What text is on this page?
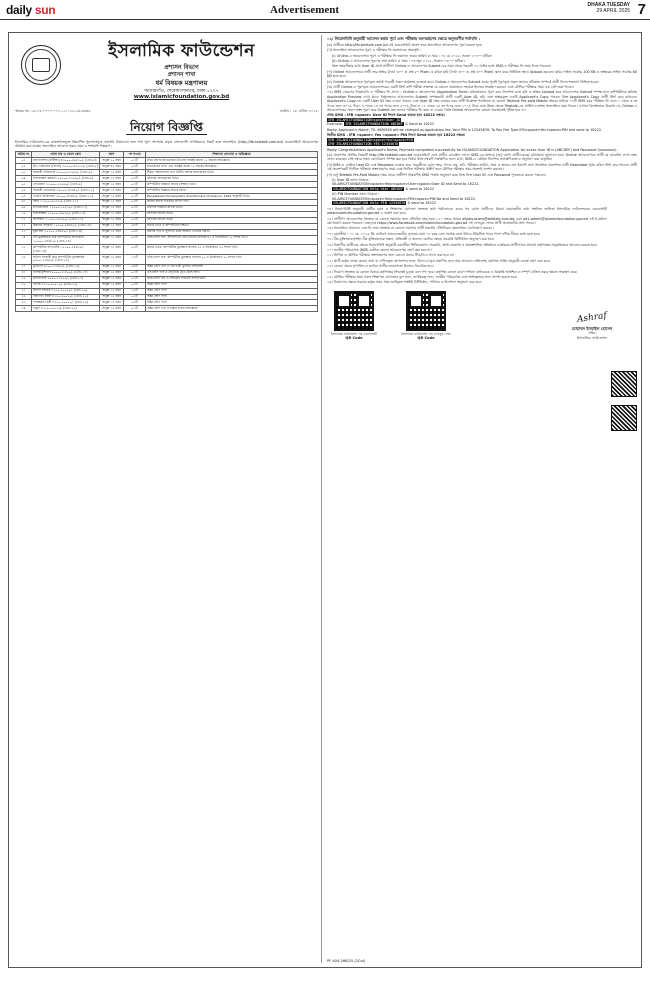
daily sun	Advertisement	DHAKA TUESDAY
29 APRIL 2025 7
ইসলামিক ফাউন্ডেশন
প্রশাসন বিভাগ
প্রশাসন শাখা
ধর্ম বিষয়ক মন্ত্রণালয়
আগারগাঁও, শেরেবাংলানগর, ঢাকা-১২০৭
www.islamicfoundation.gov.bd
স্মারক নং- ১৬.০৫.০০০০.০০১.১১.০২২.২৩-৩৩৩৪	তারিখ : ২৮ এপ্রিল ২০২৫
নিয়োগ বিজ্ঞপ্তি
ইসলামিক ফাউন্ডেশন-এর রাজস্বখাতভুক্ত নিম্নবর্ণিত শূন্যপদসমূহে সরাসরি নিয়োগের জন্য শর্ত পূরণ সাপেক্ষে প্রকৃত বাংলাদেশি নাগরিকদের নিকট হতে অনলাইনে (http://ifb.teletalk.com.bd) ওয়েবসাইটে আবেদনপত্র আহ্বান করা যাচ্ছে। অনলাইনে আবেদন করার সময় ও শর্তাবলি নিম্নরূপ :
ক্রমিক নং	পদের নাম ও বেতন স্কেল	বয়স	পদ সংখ্যা	শিক্ষাগত যোগ্যতা ও অভিজ্ঞতা
০১	মহাপরিদর্শক (নিরীক্ষা) ৪৩০০০-৬৯৮৫০/- (গ্রেড-৪)	অনূর্ধ্ব ৫০ বছর	০১টি	প্রথম শ্রেণির স্নাতকোত্তর ডিগ্রিসহ সংশ্লিষ্ট কাজে ১৫ বছরের অভিজ্ঞতা।
০২	উপ-পরিচালক (বিদেশ) ৩৫৫০০-৬৭০১০/- (গ্রেড-৫)	অনূর্ধ্ব ৪৫ বছর	০১টি	স্নাতকোত্তর ডিগ্রি এবং সংশ্লিষ্ট কাজে ১০ বছরের অভিজ্ঞতা।
০৩	সহকারী পরিচালক ২২০০০-৫৩০৬০/- (গ্রেড-৯)	অনূর্ধ্ব ৩২ বছর	০৫টি	স্বীকৃত বিশ্ববিদ্যালয় হতে দ্বিতীয় শ্রেণির স্নাতকোত্তর ডিগ্রি।
০৪	হিসাবরক্ষণ কর্মকর্তা ২২০০০-৫৩০৬০/- (গ্রেড-৯)	অনূর্ধ্ব ৩২ বছর	০১টি	বাণিজ্যে স্নাতকোত্তর ডিগ্রি।
০৫	প্রোগ্রামার ২২০০০-৫৩০৬০/- (গ্রেড-৯)	অনূর্ধ্ব ৩২ বছর	০১টি	কম্পিউটার বিজ্ঞানে স্নাতক (সম্মান) ডিগ্রি।
০৬	সহকারী প্রোগ্রামার ১৬০০০-৩৮৬৪০/- (গ্রেড-১০)	অনূর্ধ্ব ৩২ বছর	০১টি	কম্পিউটার বিজ্ঞানে স্নাতক ডিগ্রি।
০৭	হোমিও চিকিৎসক ১৬০০০-৩৮৬৪০/- (গ্রেড-১০)	অনূর্ধ্ব ৩২ বছর	০১টি	Bangladesh Homeopathic Practitioners Ordinance, 1983 অনুযায়ী ডিগ্রি।
০৮	ইমাম ১২৫০০-৩০২৩০/- (গ্রেড-১১)	অনূর্ধ্ব ৩২ বছর	০২টি	কামিল অথবা দাওরায়ে হাদিস পাস।
০৯	লাইব্রেরিয়ান ১২৫০০-৩০২৩০/- (গ্রেড-১১)	অনূর্ধ্ব ৩২ বছর	০১টি	গ্রন্থাগার বিজ্ঞানে স্নাতক ডিগ্রি।
১০	হিসাবরক্ষক ১১০০০-২৬৫৯০/- (গ্রেড-১৩)	অনূর্ধ্ব ৩২ বছর	০২টি	বাণিজ্যে স্নাতক ডিগ্রি।
১১	ক্যাশিয়ার ১১০০০-২৬৫৯০/- (গ্রেড-১৩)	অনূর্ধ্ব ৩২ বছর	০১টি	বাণিজ্যে স্নাতক ডিগ্রি।
১২	উচ্চমান সহকারী ১০২০০-২৪৬৮০/- (গ্রেড-১৪)	অনূর্ধ্ব ৩২ বছর	০৮টি	স্নাতক ডিগ্রি ও কম্পিউটারে দক্ষতা।
১৩	মুয়াজ্জিন ১০২০০-২৪৬৮০/- (গ্রেড-১৪)	অনূর্ধ্ব ৩২ বছর	০২টি	আলিম পাস ও সুললিত কণ্ঠে আজান দেওয়ার দক্ষতা।
১৪	সাঁট-মুদ্রাক্ষরিক কাম কম্পিউটার অপারেটর ১০২০০-২৪৬৮০/- (গ্রেড-১৪)	অনূর্ধ্ব ৩২ বছর	০৫টি	এইচএসসি পাস; সাঁটলিপিতে প্রতি মিনিটে বাংলায় ৪৫ ও ইংরেজিতে ৭০ শব্দের গতি।
১৫	কম্পিউটার অপারেটর ১০২০০-২৪৬৮০/- (গ্রেড-১৪)	অনূর্ধ্ব ৩২ বছর	০৩টি	স্নাতক ডিগ্রি; কম্পিউটার মুদ্রাক্ষরে বাংলায় ২৫ ও ইংরেজিতে ৩০ শব্দের গতি।
১৬	অফিস সহকারী কাম কম্পিউটার মুদ্রাক্ষরিক ৯৩০০-২২৪৯০/- (গ্রেড-১৬)	অনূর্ধ্ব ৩২ বছর	১৫টি	এইচএসসি পাস; কম্পিউটার মুদ্রাক্ষরে বাংলায় ২০ ও ইংরেজিতে ২০ শব্দের গতি।
১৭	ড্রাইভার ৯৩০০-২২৪৯০/- (গ্রেড-১৬)	অনূর্ধ্ব ৩২ বছর	০৪টি	অষ্টম শ্রেণি পাস ও বৈধ ভারী ড্রাইভিং লাইসেন্স।
১৮	ইলেকট্রিশিয়ান ৯০০০-২১৮০০/- (গ্রেড-১৭)	অনূর্ধ্ব ৩২ বছর	০১টি	এসএসসি পাস ও বৈদ্যুতিক ট্রেড কোর্স সনদ।
১৯	ক্যাটালগার ৯০০০-২১৮০০/- (গ্রেড-১৭)	অনূর্ধ্ব ৩২ বছর	০১টি	এইচএসসি পাস ও লাইব্রেরি সায়েন্সে সার্টিফিকেট।
২০	খাদেম ৮২৫০-২০০১০/- (গ্রেড-২০)	অনূর্ধ্ব ৩২ বছর	০৫টি	অষ্টম শ্রেণি পাস।
২১	অফিস সহায়ক ৮২৫০-২০০১০/- (গ্রেড-২০)	অনূর্ধ্ব ৩২ বছর	১৫টি	অষ্টম শ্রেণি পাস।
২২	নিরাপত্তা প্রহরী ৮২৫০-২০০১০/- (গ্রেড-২০)	অনূর্ধ্ব ৩২ বছর	০৫টি	অষ্টম শ্রেণি পাস।
২৩	পরিচ্ছন্নতা কর্মী ৮২৫০-২০০১০/- (গ্রেড-২০)	অনূর্ধ্ব ৩২ বছর	০৩টি	অষ্টম শ্রেণি পাস।
২৪	বাবুর্চি ৮২৫০-২০০১০/- (গ্রেড-২০)	অনূর্ধ্ব ৩২ বছর	০১টি	অষ্টম শ্রেণি পাস ও রান্নার কাজে অভিজ্ঞতা।
০২। নিয়োগবিধি অনুযায়ী আবেদন করার পূর্বে এবং পরীক্ষায় অংশগ্রহণের ক্ষেত্রে অনুসরণীয় শর্তাবলি :
(ক) প্রার্থীকে http://ifb.teletalk.com.bd এই ওয়েবসাইটে প্রবেশ করে অনলাইনে আবেদনপত্র পূরণ করতে হবে।
(খ) অনলাইনে আবেদনপত্র পূরণ ও পরীক্ষার ফি জমাদানের সময়সূচি :
(i) Online-এ আবেদনপত্র পূরণ ও পরীক্ষার ফি জমাদান শুরুর তারিখ ও সময় : ০৪ মে ২০২৫, সকাল ১০:০০ ঘটিকা।
(ii) Online-এ আবেদনপত্র পূরণের শেষ তারিখ ও সময় : ০৩ জুন ২০২৫, বিকাল ০৫:০০ ঘটিকা।
উক্ত সময়সীমার মধ্যে User ID প্রাপ্ত প্রার্থীগণ Online-এ আবেদনপত্র Submit-এর সময় থেকে পরবর্তী ৭২ ঘণ্টার মধ্যে SMS-এ পরীক্ষার ফি জমা দিতে পারবেন।
(গ) Online আবেদনপত্রে প্রার্থী তার স্বাক্ষর (দৈর্ঘ্য ৩০০ × প্রস্থ ৮০ Pixel) ও রঙিন ছবি (দৈর্ঘ্য ৩০০ × প্রস্থ ৩০০ Pixel) স্ক্যান করে নির্ধারিত স্থানে Upload করবেন। ছবির সাইজ সর্বোচ্চ 100 KB ও স্বাক্ষরের সাইজ সর্বোচ্চ 60 KB হতে হবে।
(ঘ) Online আবেদনপত্রে পূরণকৃত তথ্যই পরবর্তী সকল কার্যক্রমে ব্যবহৃত হবে। Online-এ আবেদনপত্র Submit করার পূর্বেই পূরণকৃত সকল তথ্যের সঠিকতা সম্পর্কে প্রার্থী নিজে শতভাগ নিশ্চিত হবেন।
(ঙ) প্রার্থী Online-এ পূরণকৃত আবেদনপত্রের একটি প্রিন্ট কপি পরীক্ষা সংক্রান্ত যে কোনো প্রয়োজনে সহায়ক হিসেবে সংরক্ষণ করবেন এবং মৌখিক পরীক্ষার সময় এক সেট জমা দিবেন।
০৩। SMS প্রেরণের নিয়মাবলি ও পরীক্ষার ফি প্রদান : Online-এ আবেদনপত্র (Application Form) যথাযথভাবে পূরণ করে নির্দেশনা মতে ছবি ও স্বাক্ষর Upload করে আবেদনপত্র Submit সম্পন্ন হলে কম্পিউটারে ছবিসহ Application Preview দেখা যাবে। নির্ভুলভাবে আবেদনপত্র Submit সম্পন্নকারী প্রার্থী একটি User ID, ছবি এবং স্বাক্ষরযুক্ত একটি Applicant's Copy পাবেন। উক্ত Applicant's Copy প্রার্থী প্রিন্ট করে রাখবেন। Applicant's Copy-তে একটি User ID নম্বর দেওয়া থাকবে এবং User ID নম্বর ব্যবহার করে প্রার্থী নিম্নোক্ত পদ্ধতিতে যে কোনো Teletalk Pre-paid Mobile নম্বরের মাধ্যমে ০২টি SMS করে পরীক্ষার ফি বাবদ ১ থেকে ৩ নং পদের জন্য ৩০০/- টাকা, ৪ থেকে ১৪ নং পদের জন্য ২০০/- টাকা ও ১৫ থেকে ২৪ নং পদের জন্য ১০০/- টাকা এবং উভয় ক্ষেত্রে Teletalk-এর সার্ভিস চার্জসহ অনলাইনে জমা দিবেন। এখানে বিশেষভাবে উল্লেখ্য যে, Online-এ আবেদনপত্রের সকল অংশ পূরণ করে Submit করা হলেও পরীক্ষার ফি জমা না দেওয়া পর্যন্ত Online আবেদনপত্র কোনো অবস্থাতেই গৃহীত হবে না।
প্রথম SMS : IFB <space> User ID লিখে Send করতে হবে 16222 নম্বরে।
IFB ISLAMICFOUNDATION<space>User ID
Example: IFB ISLAMICFOUNDATION ABCDEF & Send to 16222
Reply: Applicant's Name, TK. 669/558 will be charged as application fee. Your PIN is 12345678. To Pay Fee Type IFB<space>Yes<space>PIN and send to 16222.
দ্বিতীয় SMS : IFB <space> Yes <space> PIN লিখে Send করতে হবে 16222 নম্বরে।
IFB ISLAMICFOUNDATION<space>Yes<space>PIN
IFB ISLAMICFOUNDATION YES 12345678
Reply: Congratulations Applicant's Name, Payment completed successfully for ISLAMICFOUNDATION Application for xxxxx User ID is (ABCDEF) and Password (xxxxxxxx).
(ক) প্রবেশপত্র প্রাপ্তির বিষয়টি http://ifb.teletalk.com.bd ওয়েবসাইটে এবং প্রার্থীর মোবাইল ফোনে SMS-এর মাধ্যমে (শুধু যোগ্য প্রার্থীদেরকে) যথাসময়ে জানানো হবে। Online আবেদনপত্রে প্রার্থী যে মোবাইল ফোন নম্বর প্রদান করেছেন সেই নম্বরে সকল যোগাযোগ সম্পন্ন করা হবে বিধায় উক্ত নম্বরটি সার্বক্ষণিক সচল রাখা, SMS-এ প্রেরিত নির্দেশনা তাৎক্ষণিকভাবে অনুসরণ করা বাঞ্ছনীয়।
(খ) SMS-এ প্রেরিত User ID এবং Password ব্যবহার করে পরবর্তীতে রোল নম্বর, পদের নাম, ছবি, পরীক্ষার তারিখ, সময় ও স্থানের নাম ইত্যাদি তথ্য সংবলিত প্রবেশপত্র প্রার্থী Download পূর্বক রঙিন প্রিন্ট করে নিবেন। প্রার্থী এই প্রবেশপত্রটি লিখিত পরীক্ষায় অংশগ্রহণের সময় এবং লিখিত পরীক্ষায় উত্তীর্ণ হলে মৌখিক পরীক্ষার সময় অবশ্যই প্রদর্শন করবেন।
(গ) শুধু Teletalk Pre-Paid Mobile নম্বর থেকে প্রার্থীগণ নিম্নবর্ণিত SMS পদ্ধতি অনুসরণ করে নিজ নিজ User ID এবং Password পুনরুদ্ধার করতে পারবেন।
(i) User ID জানা থাকলে :
ISLAMICFOUNDATION<space>Help<space>User<space>User ID and Send to 16222.
ISLAMICFOUNDATION Help User ABCDEF & send to 16222
(ii) PIN Number জানা থাকলে :
ISLAMICFOUNDATION<space>Help<space>PIN<space>PIN No and Send to 16222.
ISLAMICFOUNDATION Help PIN 12345678 & send to 16222
০৪। নিয়োগবিধি অনুযায়ী প্রার্থীর বয়স ও শিক্ষাগত যোগ্যতা সংক্রান্ত তথ্য পর্যালোচনা করার পর যোগ্য প্রার্থীদের বিষয়ে প্রয়োজনীয় তথ্য সম্বলিত তালিকা ইসলামিক ফাউন্ডেশনের ওয়েবসাইট www.islamicfoundation.gov.bd এ প্রকাশ করা হবে।
০৫। প্রার্থীগণ আবেদনপত্র সংক্রান্ত যে কোনো সমস্যার জন্য টেলিটক নম্বর হতে ১২১ নম্বরে অথবা alljobs.query@teletalk.com.bd এবং ad1.admin@islamicfoundation.gov.bd এই ই-মেইলে যোগাযোগ করতে পারবেন। এছাড়াও https://www.facebook.com/islamicfoundation.gov.bd এই ফেসবুক পেজে প্রার্থী প্রয়োজনীয় তথ্য পাবেন।
০৬। অনলাইনে আবেদন এবং ফি জমা সংক্রান্ত যে কোনো সমস্যায় প্রার্থী সরাসরি টেলিটকের হেল্পলাইনে যোগাযোগ করবেন।
০৭। বয়সসীমা : ০১ মে, ২০২৫ খ্রি. তারিখে আবেদনকারীর ন্যূনতম বয়স ১৮ বছর এবং সর্বোচ্চ বয়স উপরে উল্লিখিত পদের পাশে বর্ণিত সীমার মধ্যে হতে হবে।
০৮। বীর মুক্তিযোদ্ধা/শহিদ বীর মুক্তিযোদ্ধার সন্তান, প্রতিবন্ধী ও অন্যান্য কোটার ক্ষেত্রে সরকারি বিধিবিধান অনুসরণ করা হবে।
০৯। বিভাগীয় প্রার্থীদের ক্ষেত্রে নিয়োগবিধি অনুযায়ী বয়সসীমা শিথিলযোগ্য। সরকারি, আধা-সরকারি ও স্বায়ত্তশাসিত প্রতিষ্ঠানে চাকরিরত প্রার্থীগণকে যথাযথ কর্তৃপক্ষের অনুমতিক্রমে আবেদন করতে হবে।
১০। জাতীয় পরিচয়পত্র (NID) ব্যতীত কোনো আবেদনপত্র গ্রহণ করা হবে না।
১১। লিখিত ও মৌখিক পরীক্ষায় অংশগ্রহণের জন্য কোনো প্রকার টিএ/ডিএ প্রদান করা হবে না।
১২। প্রার্থী কর্তৃক প্রদত্ত কোনো তথ্য বা দাখিলকৃত কাগজপত্র জাল, মিথ্যা বা ভুল প্রমাণিত হলে তার আবেদন বাতিলসহ প্রচলিত আইন অনুযায়ী ব্যবস্থা গ্রহণ করা হবে।
১৩। কোনো প্রকার সুপারিশ বা তদবির প্রার্থীর অযোগ্যতা হিসেবে বিবেচিত হবে।
১৪। নিয়োগ সংক্রান্ত যে কোনো বিষয়ে কর্তৃপক্ষের সিদ্ধান্তই চূড়ান্ত বলে গণ্য হবে। কর্তৃপক্ষ কোনো কারণ দর্শানো ব্যতিরেকে এ বিজ্ঞপ্তি আংশিক বা সম্পূর্ণ বাতিল করার ক্ষমতা সংরক্ষণ করে।
১৫। মৌখিক পরীক্ষার সময় সকল শিক্ষাগত যোগ্যতার মূল সনদ, নাগরিকত্ব সনদ, জাতীয় পরিচয়পত্র এবং অভিজ্ঞতার সনদ প্রদর্শন করতে হবে।
১৬। নিয়োগের ক্ষেত্রে সরকার কর্তৃক সময় সময় জারিকৃত সংশ্লিষ্ট বিধিবিধান, পরিপত্র ও নির্দেশনা অনুসরণ করা হবে।
ইসলামিক ফাউন্ডেশন এর ওয়েবসাইট
QR Code
ইসলামিক ফাউন্ডেশন এর ফেসবুক পেজ
QR Code
Ashraf
মোহাম্মদ ইসমাইল হোসেন
সচিব
ইসলামিক ফাউন্ডেশন
PF 404-266/25 (2Col)
